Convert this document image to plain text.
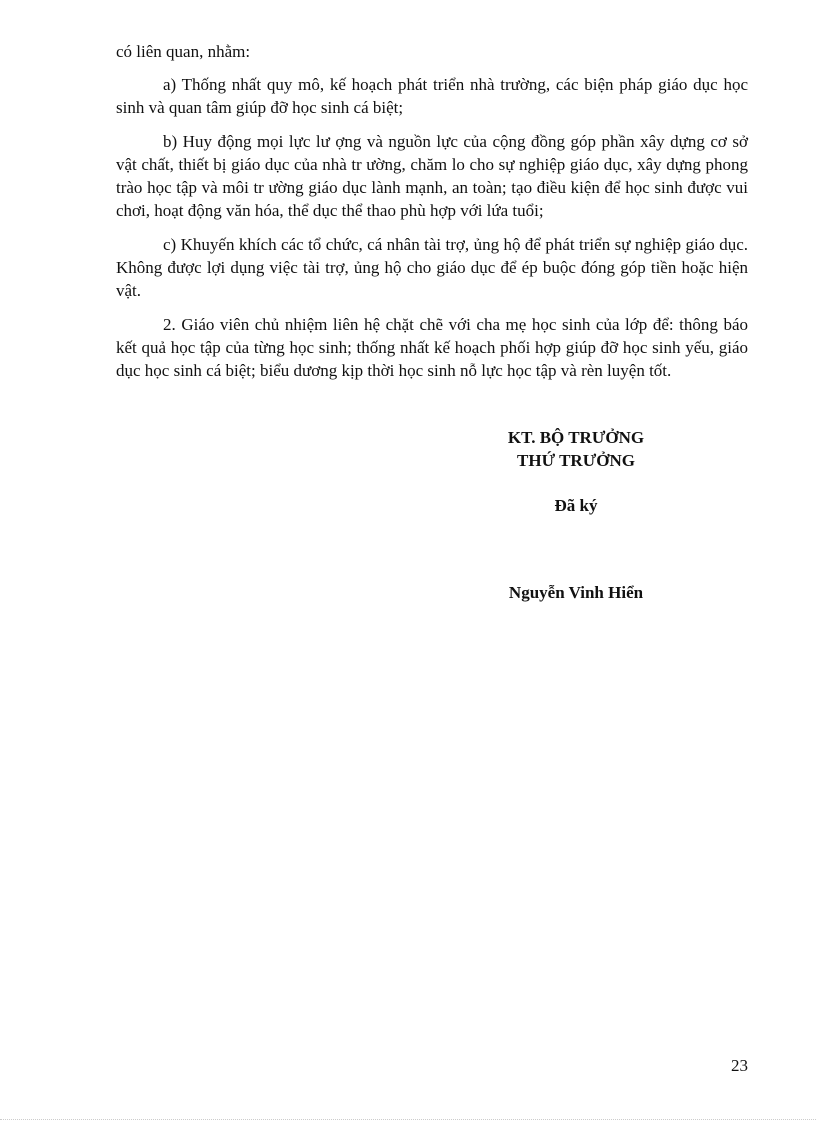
có liên quan, nhằm:

a) Thống nhất quy mô, kế hoạch phát triển nhà trường, các biện pháp giáo dục học sinh và quan tâm giúp đỡ học sinh cá biệt;

b) Huy động mọi lực lư ợng và nguồn lực của cộng đồng góp phần xây dựng cơ sở vật chất, thiết bị giáo dục của nhà tr ường, chăm lo cho sự nghiệp giáo dục, xây dựng phong trào học tập và môi tr ường giáo dục lành mạnh, an toàn; tạo điều kiện để học sinh được vui chơi, hoạt động văn hóa, thể dục thể thao phù hợp với lứa tuổi;

c) Khuyến khích các tổ chức, cá nhân tài trợ, ủng hộ để phát triển sự nghiệp giáo dục. Không được lợi dụng việc tài trợ, ủng hộ cho giáo dục để ép buộc đóng góp tiền hoặc hiện vật.

2. Giáo viên chủ nhiệm liên hệ chặt chẽ với cha mẹ học sinh của lớp để: thông báo kết quả học tập của từng học sinh; thống nhất kế hoạch phối hợp giúp đỡ học sinh yếu, giáo dục học sinh cá biệt; biểu dương kịp thời học sinh nỗ lực học tập và rèn luyện tốt.

KT. BỘ TRƯỞNG
THỨ TRƯỞNG
Đã ký
Nguyễn Vinh Hiển
23
